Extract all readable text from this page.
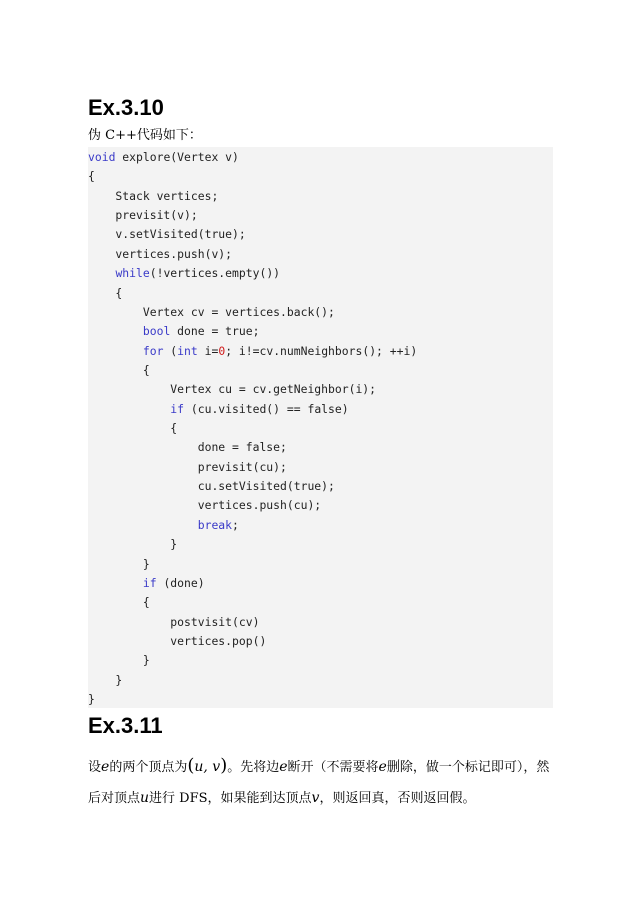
Ex.3.10
伪 C++代码如下：
void explore(Vertex v)
{
Stack vertices;
previsit(v);
v.setVisited(true);
vertices.push(v);
while(!vertices.empty())
{
Vertex cv = vertices.back();
bool done = true;
for (int i=0; i!=cv.numNeighbors(); ++i)
{
Vertex cu = cv.getNeighbor(i);
if (cu.visited() == false)
{
done = false;
previsit(cu);
cu.setVisited(true);
vertices.push(cu);
break;
}
}
if (done)
{
postvisit(cv)
vertices.pop()
}
}
}
Ex.3.11
设e的两个顶点为(u, v)。先将边e断开（不需要将e删除，做一个标记即可），然
后对顶点u进行 DFS，如果能到达顶点v，则返回真，否则返回假。
